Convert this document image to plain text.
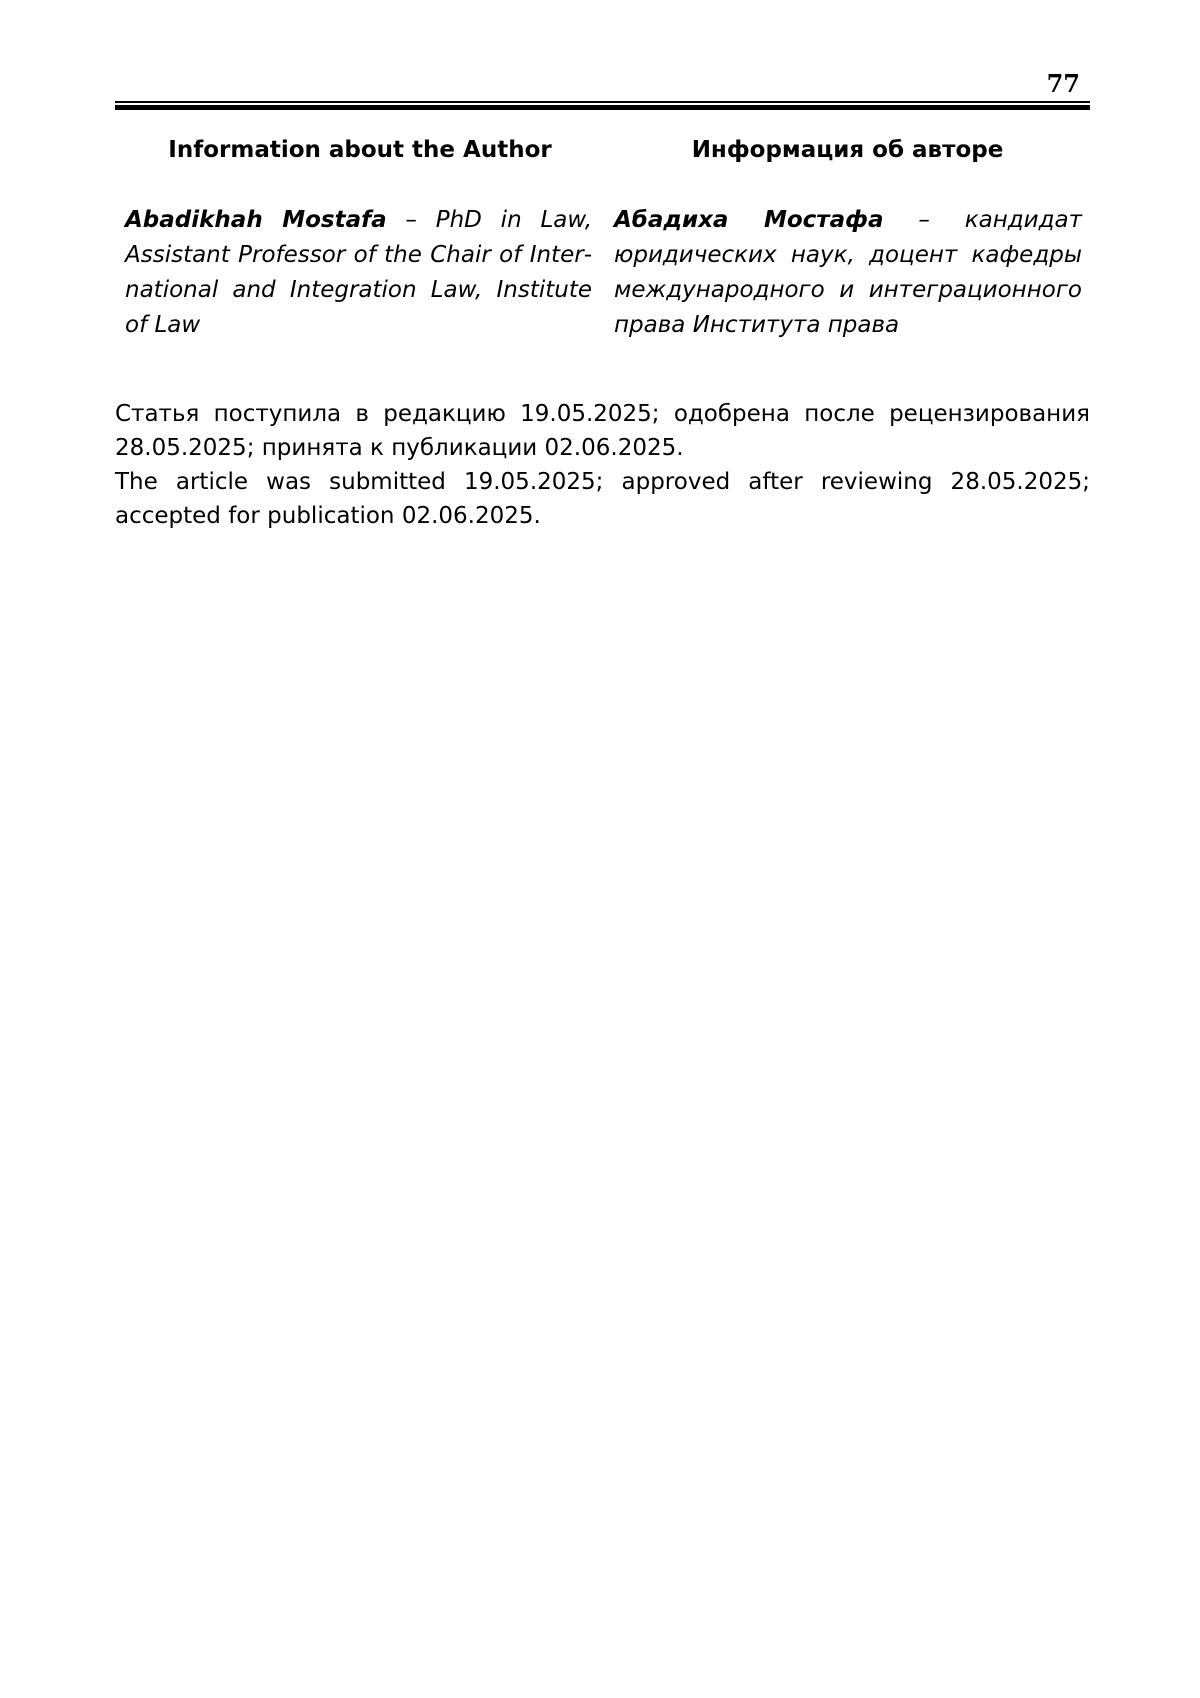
77
Information about the Author	Информация об авторе
Abadikhah Mostafa – PhD in Law, Assistant Professor of the Chair of International and Integration Law, Institute of Law
Абадиха Мостафа – кандидат юридических наук, доцент кафедры международного и интеграционного права Института права
Статья поступила в редакцию 19.05.2025; одобрена после рецензирования 28.05.2025; принята к публикации 02.06.2025.
The article was submitted 19.05.2025; approved after reviewing 28.05.2025; accepted for publication 02.06.2025.
